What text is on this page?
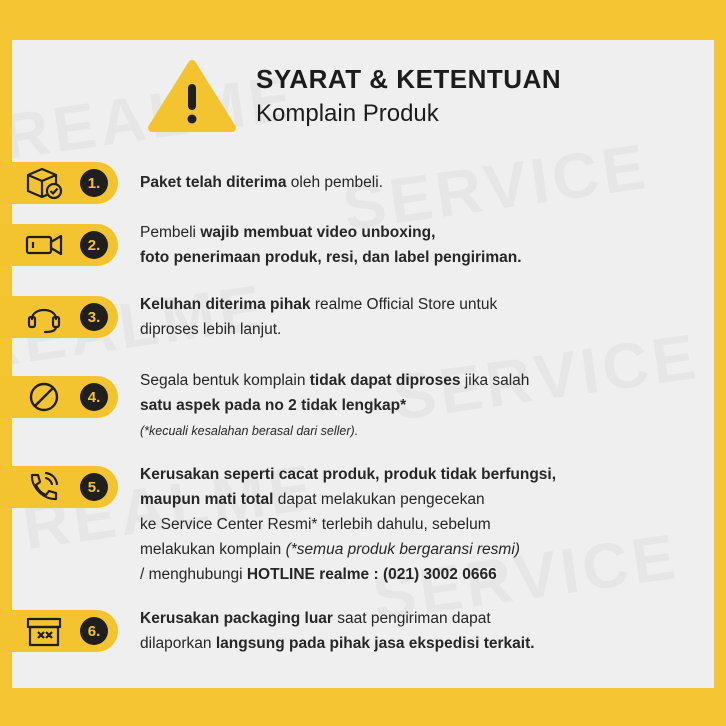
SYARAT & KETENTUAN
Komplain Produk
1.	Paket telah diterima oleh pembeli.
2.
Pembeli wajib membuat video unboxing,
foto penerimaan produk, resi, dan label pengiriman.
3.
Keluhan diterima pihak realme Official Store untuk
diproses lebih lanjut.
4.
Segala bentuk komplain tidak dapat diproses jika salah
satu aspek pada no 2 tidak lengkap*
(*kecuali kesalahan berasal dari seller).
5.
Kerusakan seperti cacat produk, produk tidak berfungsi,
maupun mati total dapat melakukan pengecekan
ke Service Center Resmi* terlebih dahulu, sebelum
melakukan komplain (*semua produk bergaransi resmi)
/ menghubungi HOTLINE realme : (021) 3002 0666
6.
Kerusakan packaging luar saat pengiriman dapat
dilaporkan langsung pada pihak jasa ekspedisi terkait.
